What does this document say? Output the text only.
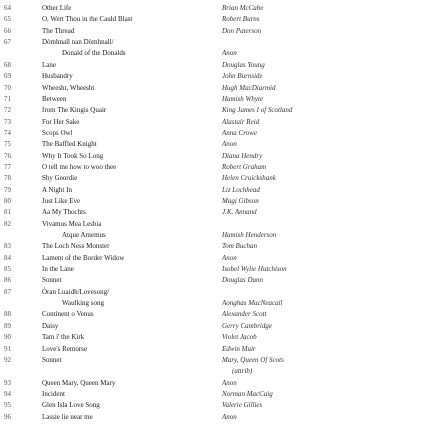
64	Other Life	Brian McCabe
65	O, Wert Thou in the Cauld Blast	Robert Burns
66	The Thread	Don Paterson
67	Dòmhnall nan Dòmhnall/
Donald of the Donalds	Anon
68	Lane	Douglas Young
69	Husbandry	John Burnside
70	Wheesht, Wheesht	Hugh MacDiarmid
71	Between	Hamish Whyte
72	from The Kingis Quair	King James I of Scotland
73	For Her Sake	Alastair Reid
74	Scops Owl	Anna Crowe
75	The Baffled Knight	Anon
76	Why It Took So Long	Diana Hendry
77	O tell me how to woo thee	Robert Graham
78	Shy Geordie	Helen Cruickshank
79	A Night In	Liz Lochhead
80	Just Like Eve	Magi Gibson
81	Aa My Thochts	J.K. Annand
82	Vivamus Mea Lesbia
Atque Amemus	Hamish Henderson
83	The Loch Ness Monster	Tom Buchan
84	Lament of the Border Widow	Anon
85	In the Lane	Isobel Wylie Hutchison
86	Sonnet	Douglas Dunn
87	Òran Luaidh/Lovesong/
Waulking song	Aonghas MacNeacail
88	Continent o Venus	Alexander Scott
89	Daisy	Gerry Cambridge
90	Tam i' the Kirk	Violet Jacob
91	Love's Remorse	Edwin Muir
92	Sonnet	Mary, Queen Of Scots
(attrib)
93	Queen Mary, Queen Mary	Anon
94	Incident	Norman MacCaig
95	Glen Isla Love Song	Valerie Gillies
96	Lassie lie near me	Anon
